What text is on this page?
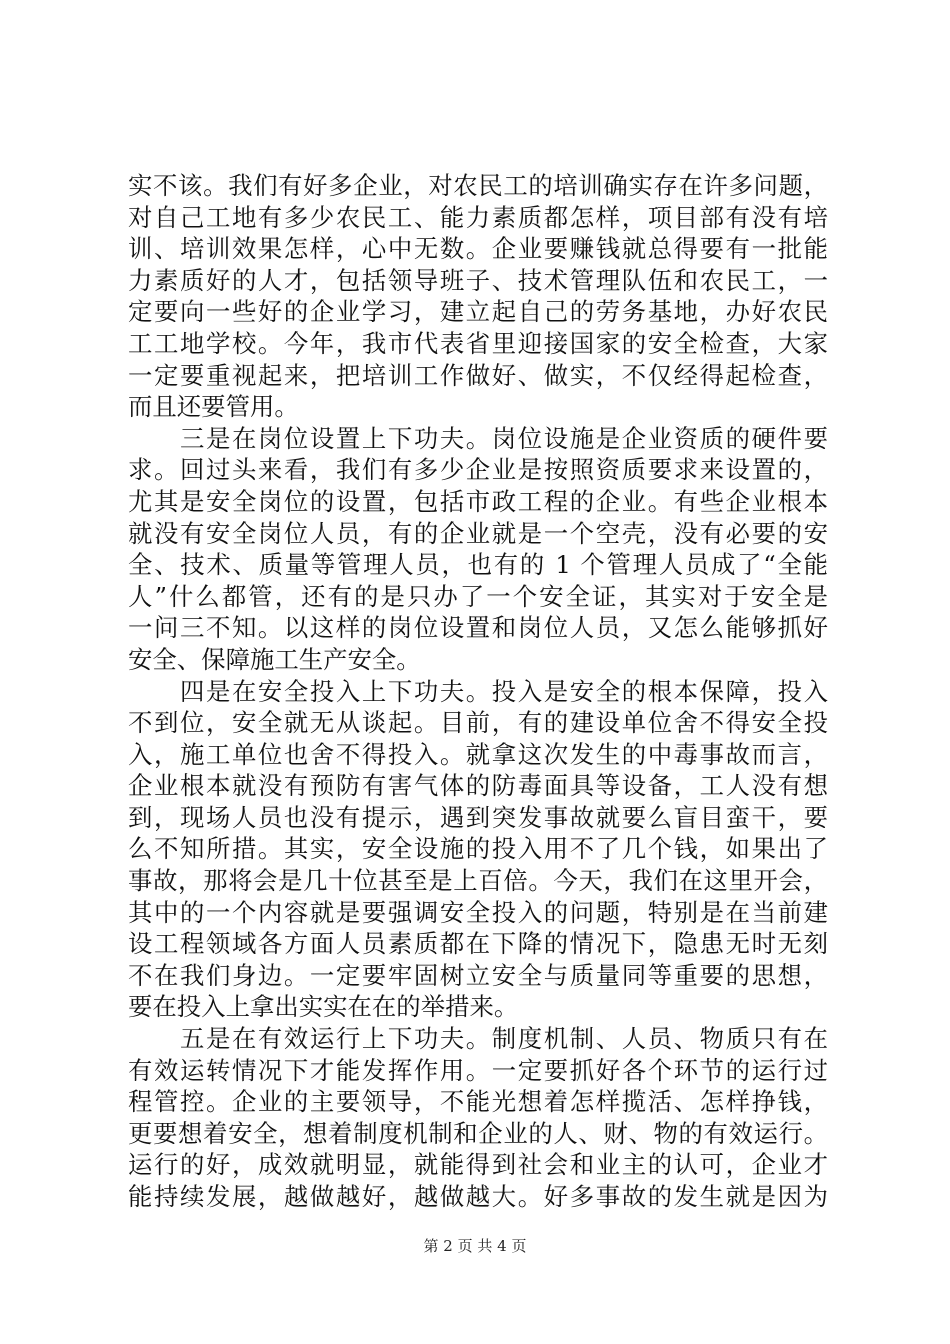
实不该。我们有好多企业，对农民工的培训确实存在许多问题，
对自己工地有多少农民工、能力素质都怎样，项目部有没有培
训、培训效果怎样，心中无数。企业要赚钱就总得要有一批能
力素质好的人才，包括领导班子、技术管理队伍和农民工，一
定要向一些好的企业学习，建立起自己的劳务基地，办好农民
工工地学校。今年，我市代表省里迎接国家的安全检查，大家
一定要重视起来，把培训工作做好、做实，不仅经得起检查，
而且还要管用。
　　三是在岗位设置上下功夫。岗位设施是企业资质的硬件要
求。回过头来看，我们有多少企业是按照资质要求来设置的，
尤其是安全岗位的设置，包括市政工程的企业。有些企业根本
就没有安全岗位人员，有的企业就是一个空壳，没有必要的安
全、技术、质量等管理人员，也有的 1 个管理人员成了“全能
人”什么都管，还有的是只办了一个安全证，其实对于安全是
一问三不知。以这样的岗位设置和岗位人员，又怎么能够抓好
安全、保障施工生产安全。
　　四是在安全投入上下功夫。投入是安全的根本保障，投入
不到位，安全就无从谈起。目前，有的建设单位舍不得安全投
入，施工单位也舍不得投入。就拿这次发生的中毒事故而言，
企业根本就没有预防有害气体的防毒面具等设备，工人没有想
到，现场人员也没有提示，遇到突发事故就要么盲目蛮干，要
么不知所措。其实，安全设施的投入用不了几个钱，如果出了
事故，那将会是几十位甚至是上百倍。今天，我们在这里开会，
其中的一个内容就是要强调安全投入的问题，特别是在当前建
设工程领域各方面人员素质都在下降的情况下，隐患无时无刻
不在我们身边。一定要牢固树立安全与质量同等重要的思想，
要在投入上拿出实实在在的举措来。
　　五是在有效运行上下功夫。制度机制、人员、物质只有在
有效运转情况下才能发挥作用。一定要抓好各个环节的运行过
程管控。企业的主要领导，不能光想着怎样揽活、怎样挣钱，
更要想着安全，想着制度机制和企业的人、财、物的有效运行。
运行的好，成效就明显，就能得到社会和业主的认可，企业才
能持续发展，越做越好，越做越大。好多事故的发生就是因为
第 2 页 共 4 页
